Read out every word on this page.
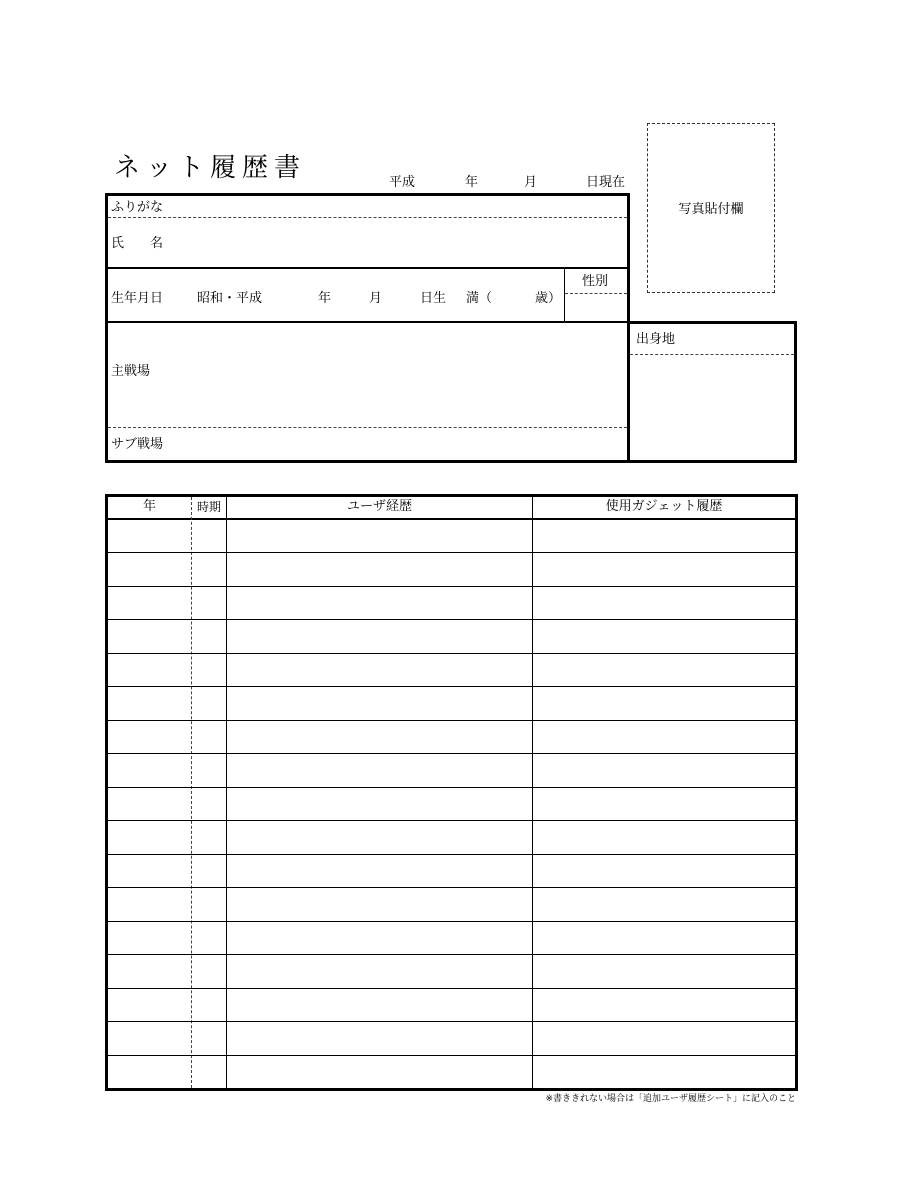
ネット履歴書	平成	年	月	日現在
写真貼付欄
ふりがな
氏　　名
生年月日	昭和・平成	年	月	日生 満（	歳）
性別
主戦場
サブ戦場
出身地
年	時期	ユーザ経歴	使用ガジェット履歴
※書ききれない場合は「追加ユーザ履歴シート」に記入のこと
